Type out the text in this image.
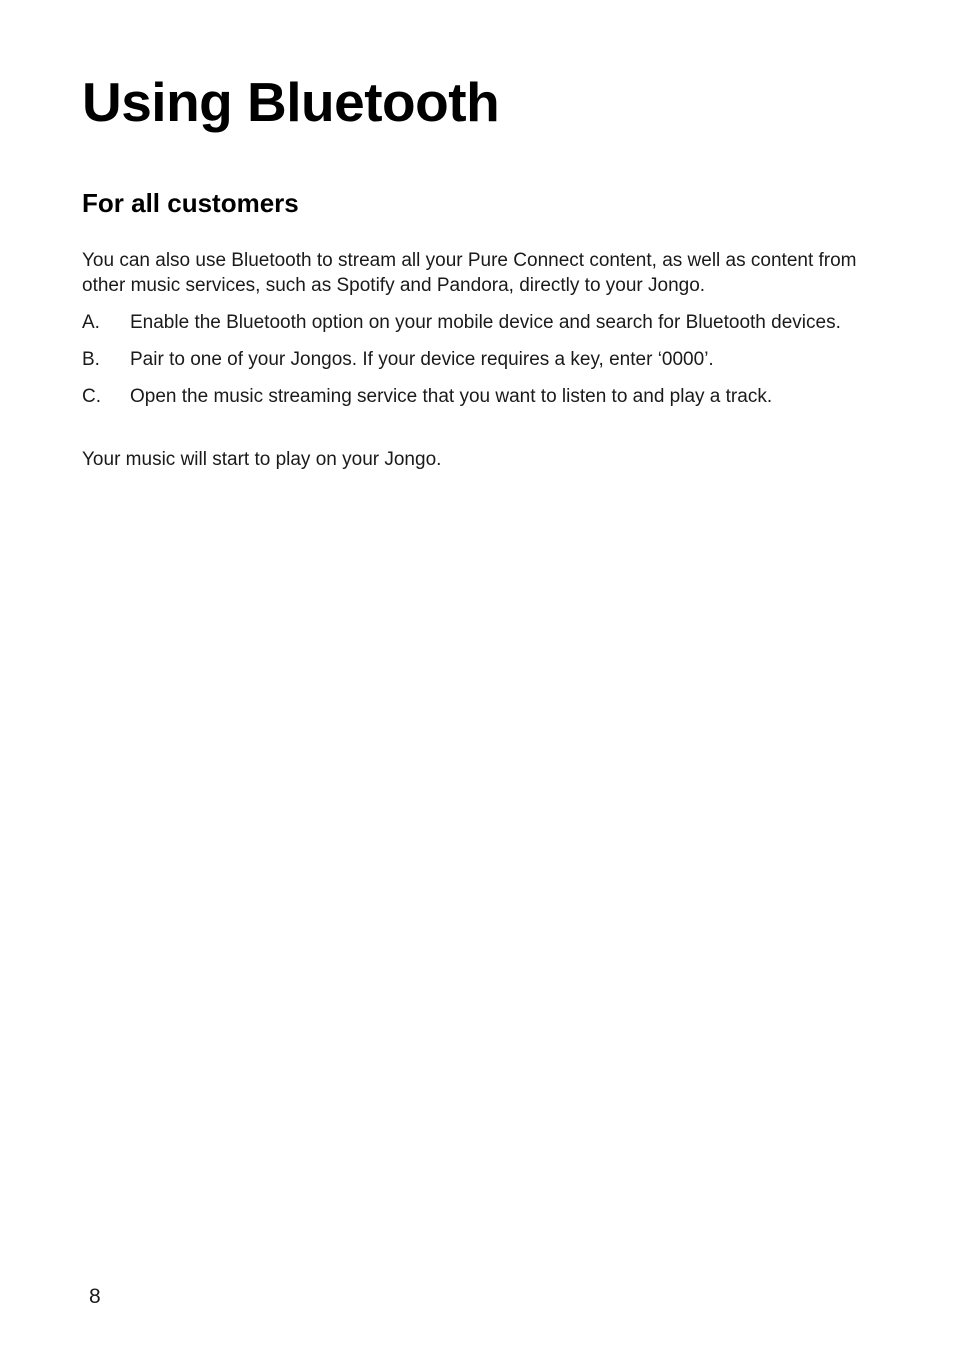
Using Bluetooth
For all customers

You can also use Bluetooth to stream all your Pure Connect content, as well as content from other music services, such as Spotify and Pandora, directly to your Jongo.

A.	Enable the Bluetooth option on your mobile device and search for Bluetooth devices.
B.	Pair to one of your Jongos. If your device requires a key, enter ‘0000’.
C.	Open the music streaming service that you want to listen to and play a track.

Your music will start to play on your Jongo.

8
